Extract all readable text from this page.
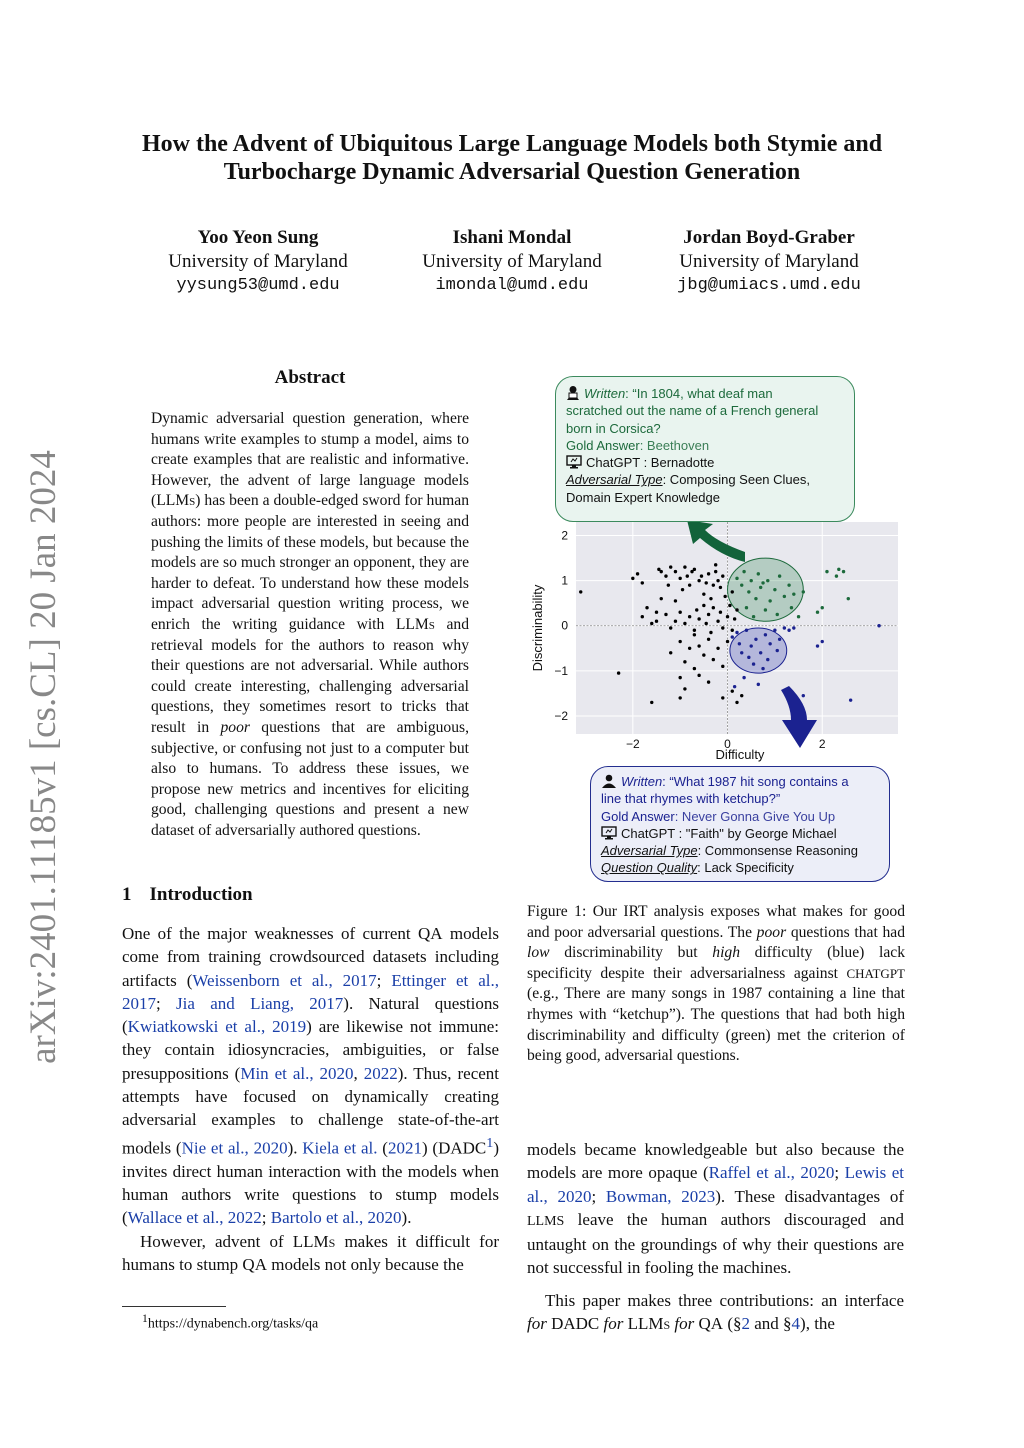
arXiv:2401.11185v1 [cs.CL] 20 Jan 2024
How the Advent of Ubiquitous Large Language Models both Stymie and
Turbocharge Dynamic Adversarial Question Generation
Yoo Yeon Sung
University of Maryland
yysung53@umd.edu
Ishani Mondal
University of Maryland
imondal@umd.edu
Jordan Boyd-Graber
University of Maryland
jbg@umiacs.umd.edu
Abstract
Dynamic adversarial question generation, where humans write examples to stump a model, aims to create examples that are realistic and informative. However, the advent of large language models (LLMs) has been a double-edged sword for human authors: more people are interested in seeing and pushing the limits of these models, but because the models are so much stronger an opponent, they are harder to defeat. To understand how these models impact adversarial question writing process, we enrich the writing guidance with LLMs and retrieval models for the authors to reason why their questions are not adversarial. While authors could create interesting, challenging adversarial questions, they sometimes resort to tricks that result in poor questions that are ambiguous, subjective, or confusing not just to a computer but also to humans. To address these issues, we propose new metrics and incentives for eliciting good, challenging questions and present a new dataset of adversarially authored questions.
1 Introduction

One of the major weaknesses of current QA models come from training crowdsourced datasets including artifacts (Weissenborn et al., 2017; Ettinger et al., 2017; Jia and Liang, 2017). Natural questions (Kwiatkowski et al., 2019) are likewise not immune: they contain idiosyncracies, ambiguities, or false presuppositions (Min et al., 2020, 2022). Thus, recent attempts have focused on dynamically creating adversarial examples to challenge state-of-the-art models (Nie et al., 2020). Kiela et al. (2021) (DADC$^1$) invites direct human interaction with the models when human authors write questions to stump models (Wallace et al., 2022; Bartolo et al., 2020).

However, advent of LLMs makes it difficult for humans to stump QA models not only because the

$^1$https://dynabench.org/tasks/qa
Written: “In 1804, what deaf man
scratched out the name of a French general
born in Corsica?
Gold Answer: Beethoven
ChatGPT : Bernadotte
Adversarial Type: Composing Seen Clues,
Domain Expert Knowledge
−2	0	2
−2
−1
0
1
2
Difficulty
Discriminability
Written: “What 1987 hit song contains a
line that rhymes with ketchup?”
Gold Answer: Never Gonna Give You Up
ChatGPT : "Faith" by George Michael
Adversarial Type: Commonsense Reasoning
Question Quality: Lack Specificity
Figure 1: Our IRT analysis exposes what makes for good and poor adversarial questions. The poor questions that had low discriminability but high difficulty (blue) lack specificity despite their adversarialness against CHATGPT (e.g., There are many songs in 1987 containing a line that rhymes with “ketchup”). The questions that had both high discriminability and difficulty (green) met the criterion of being good, adversarial questions.

models became knowledgeable but also because the models are more opaque (Raffel et al., 2020; Lewis et al., 2020; Bowman, 2023). These disadvantages of LLMS leave the human authors discouraged and untaught on the groundings of why their questions are not successful in fooling the machines.

This paper makes three contributions: an interface for DADC for LLMs for QA (§2 and §4), the
